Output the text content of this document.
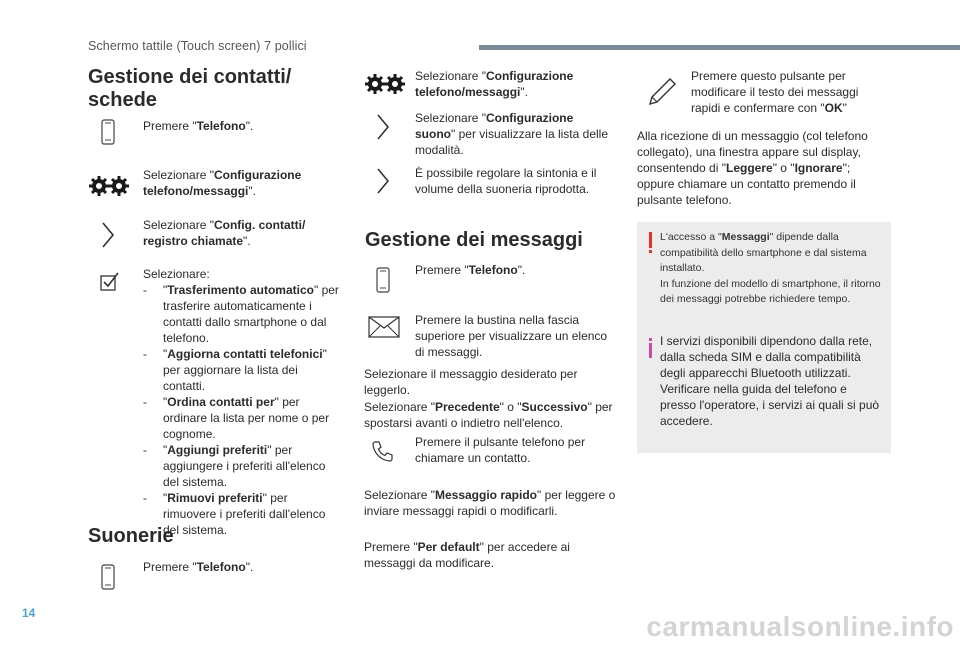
Schermo tattile (Touch screen) 7 pollici
Gestione dei contatti/
schede
Premere "Telefono".
Selezionare "Configurazione telefono/messaggi".
Selezionare "Config. contatti/ registro chiamate".
Selezionare:
- "Trasferimento automatico" per trasferire automaticamente i contatti dallo smartphone o dal telefono.
- "Aggiorna contatti telefonici" per aggiornare la lista dei contatti.
- "Ordina contatti per" per ordinare la lista per nome o per cognome.
- "Aggiungi preferiti" per aggiungere i preferiti all'elenco del sistema.
- "Rimuovi preferiti" per rimuovere i preferiti dall'elenco del sistema.
Suonerie
Premere "Telefono".
Selezionare "Configurazione telefono/messaggi".
Selezionare "Configurazione suono" per visualizzare la lista delle modalità.
È possibile regolare la sintonia e il volume della suoneria riprodotta.
Gestione dei messaggi
Premere "Telefono".
Premere la bustina nella fascia superiore per visualizzare un elenco di messaggi.
Selezionare il messaggio desiderato per leggerlo.
Selezionare "Precedente" o "Successivo" per spostarsi avanti o indietro nell'elenco.
Premere il pulsante telefono per chiamare un contatto.
Selezionare "Messaggio rapido" per leggere o inviare messaggi rapidi o modificarli.
Premere "Per default" per accedere ai messaggi da modificare.
Premere questo pulsante per modificare il testo dei messaggi rapidi e confermare con "OK"
Alla ricezione di un messaggio (col telefono collegato), una finestra appare sul display, consentendo di "Leggere" o "Ignorare"; oppure chiamare un contatto premendo il pulsante telefono.
L'accesso a "Messaggi" dipende dalla compatibilità dello smartphone e dal sistema installato.
In funzione del modello di smartphone, il ritorno dei messaggi potrebbe richiedere tempo.
I servizi disponibili dipendono dalla rete, dalla scheda SIM e dalla compatibilità degli apparecchi Bluetooth utilizzati. Verificare nella guida del telefono e presso l'operatore, i servizi ai quali si può accedere.
14	carmanualsonline.info
